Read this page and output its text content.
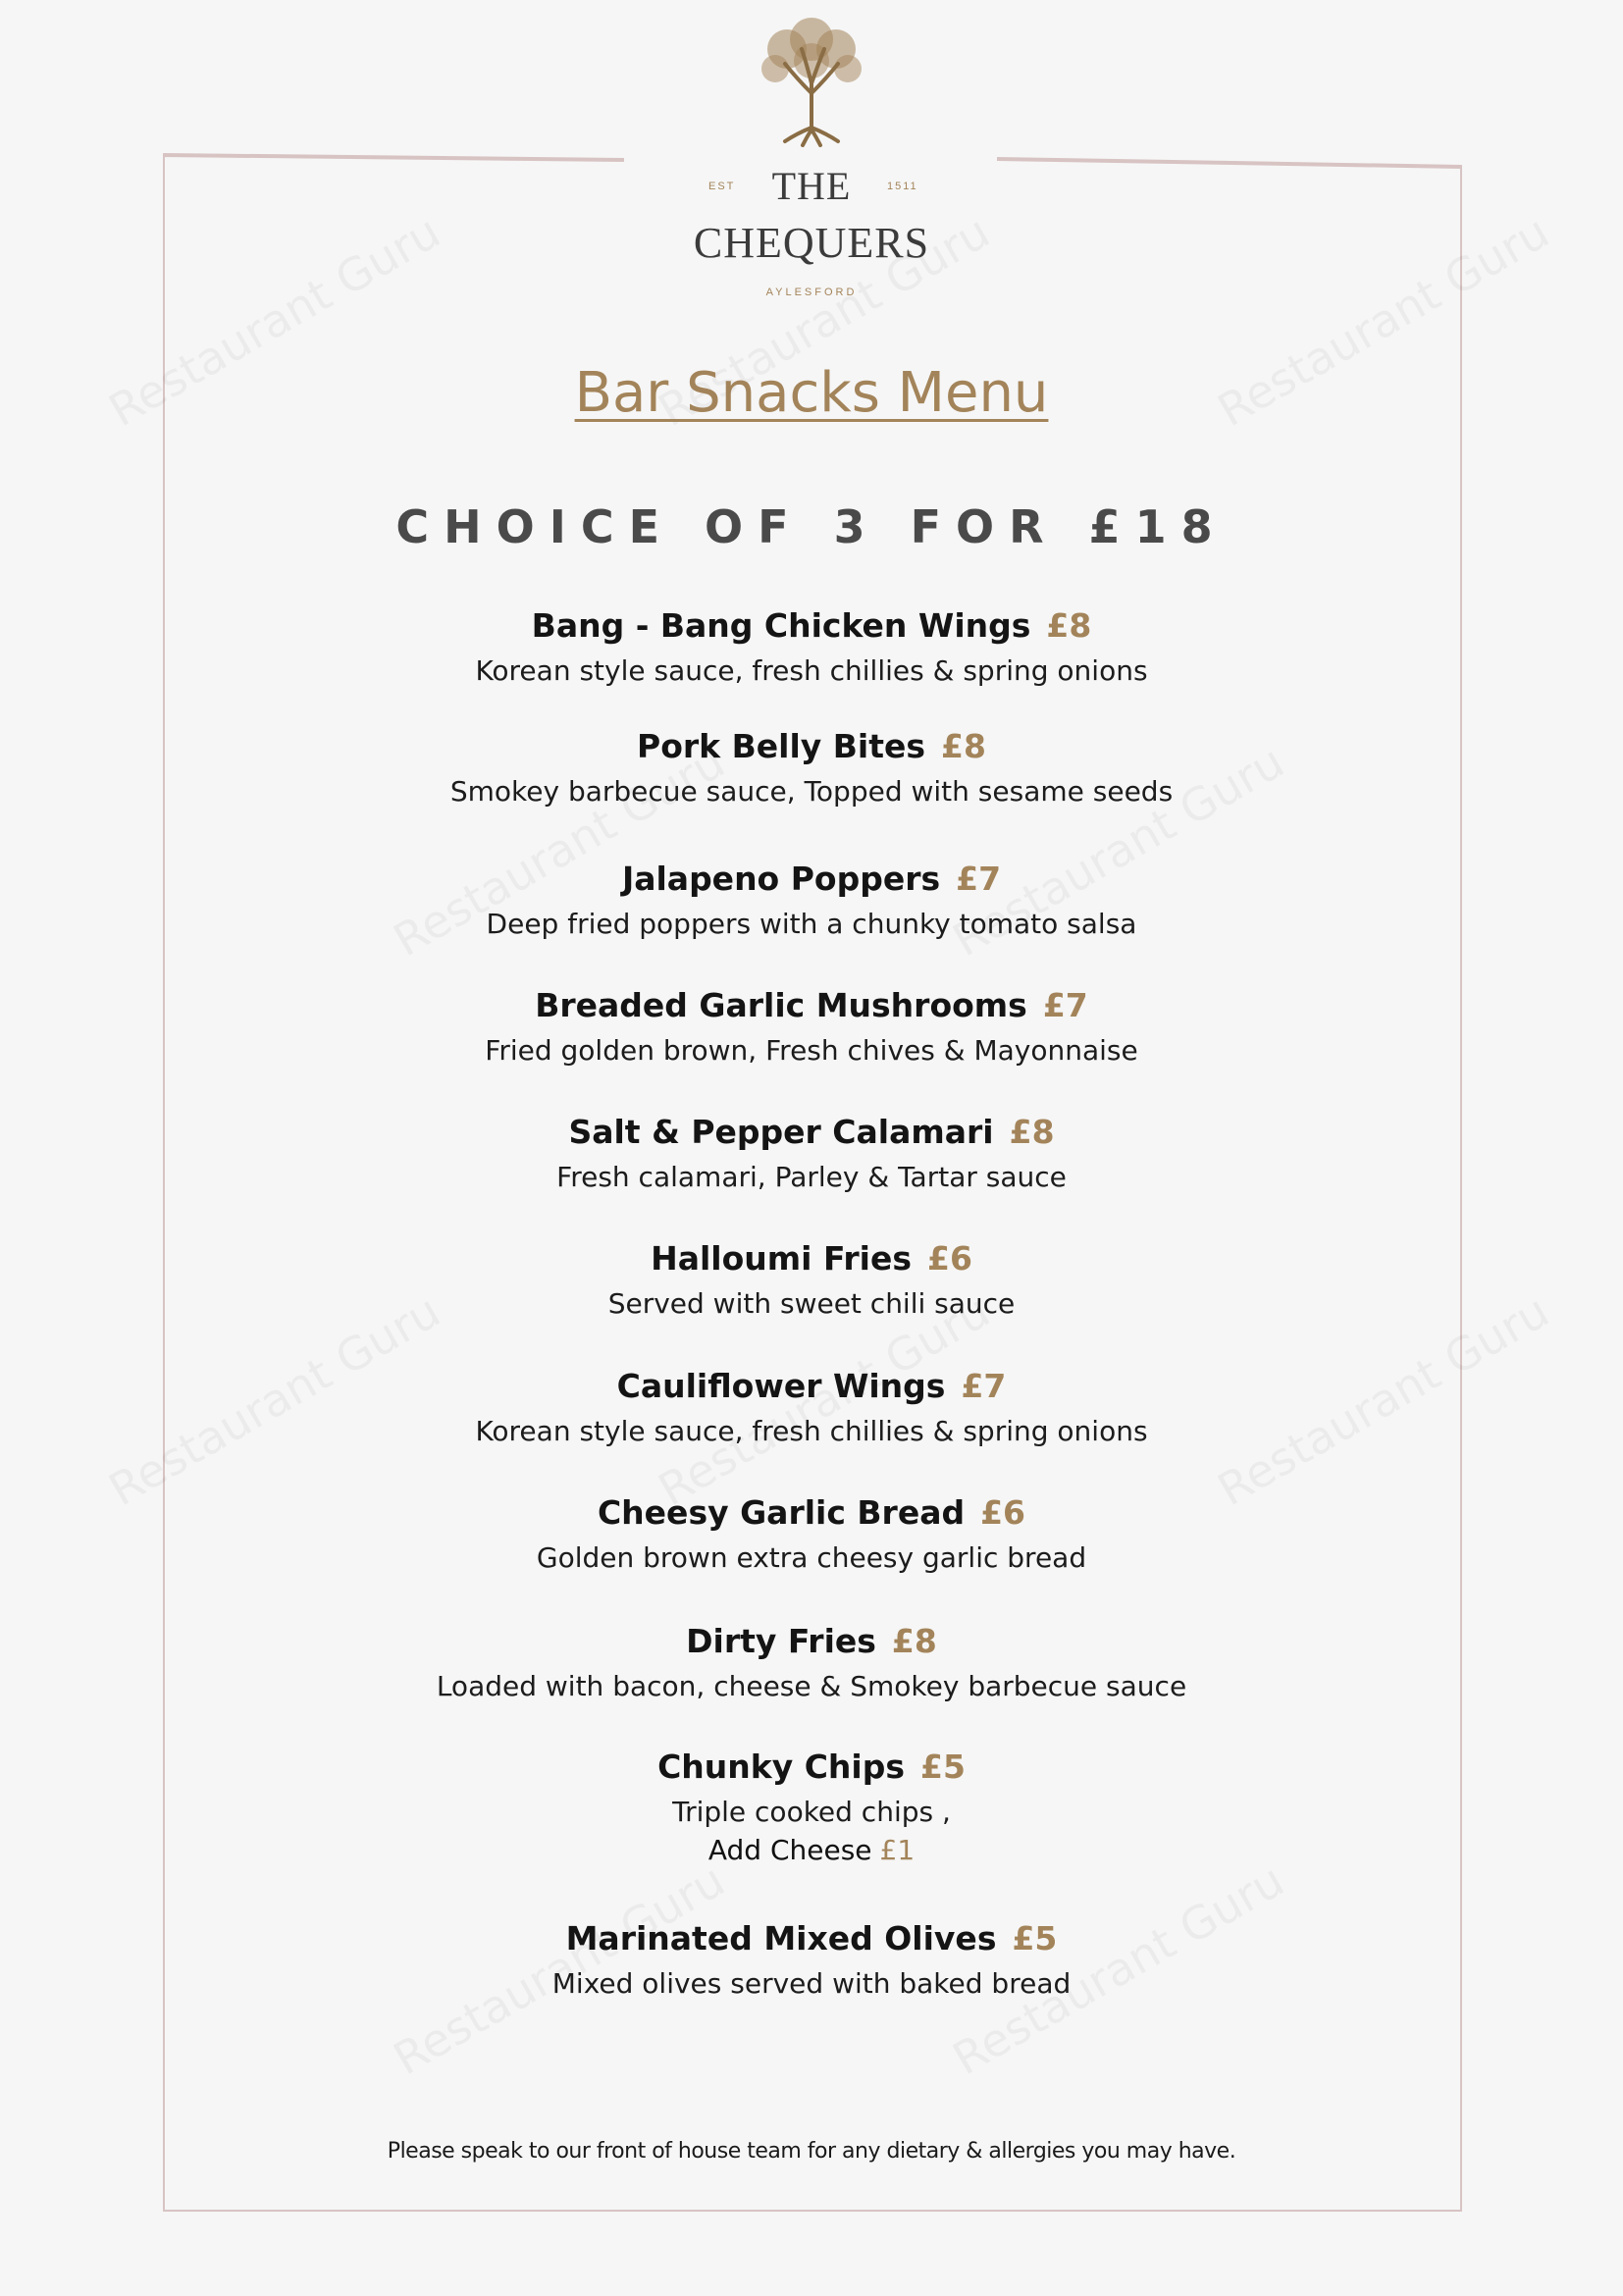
EST	1511
THE
CHEQUERS
AYLESFORD
Bar Snacks Menu
CHOICE OF 3 FOR £18
Bang - Bang Chicken Wings £8
Korean style sauce, fresh chillies & spring onions
Pork Belly Bites £8
Smokey barbecue sauce, Topped with sesame seeds
Jalapeno Poppers £7
Deep fried poppers with a chunky tomato salsa
Breaded Garlic Mushrooms £7
Fried golden brown, Fresh chives & Mayonnaise
Salt & Pepper Calamari £8
Fresh calamari, Parley & Tartar sauce
Halloumi Fries £6
Served with sweet chili sauce
Cauliflower Wings £7
Korean style sauce, fresh chillies & spring onions
Cheesy Garlic Bread £6
Golden brown extra cheesy garlic bread
Dirty Fries £8
Loaded with bacon, cheese & Smokey barbecue sauce
Chunky Chips £5
Triple cooked chips ,
Add Cheese £1
Marinated Mixed Olives £5
Mixed olives served with baked bread
Please speak to our front of house team for any dietary & allergies you may have.
